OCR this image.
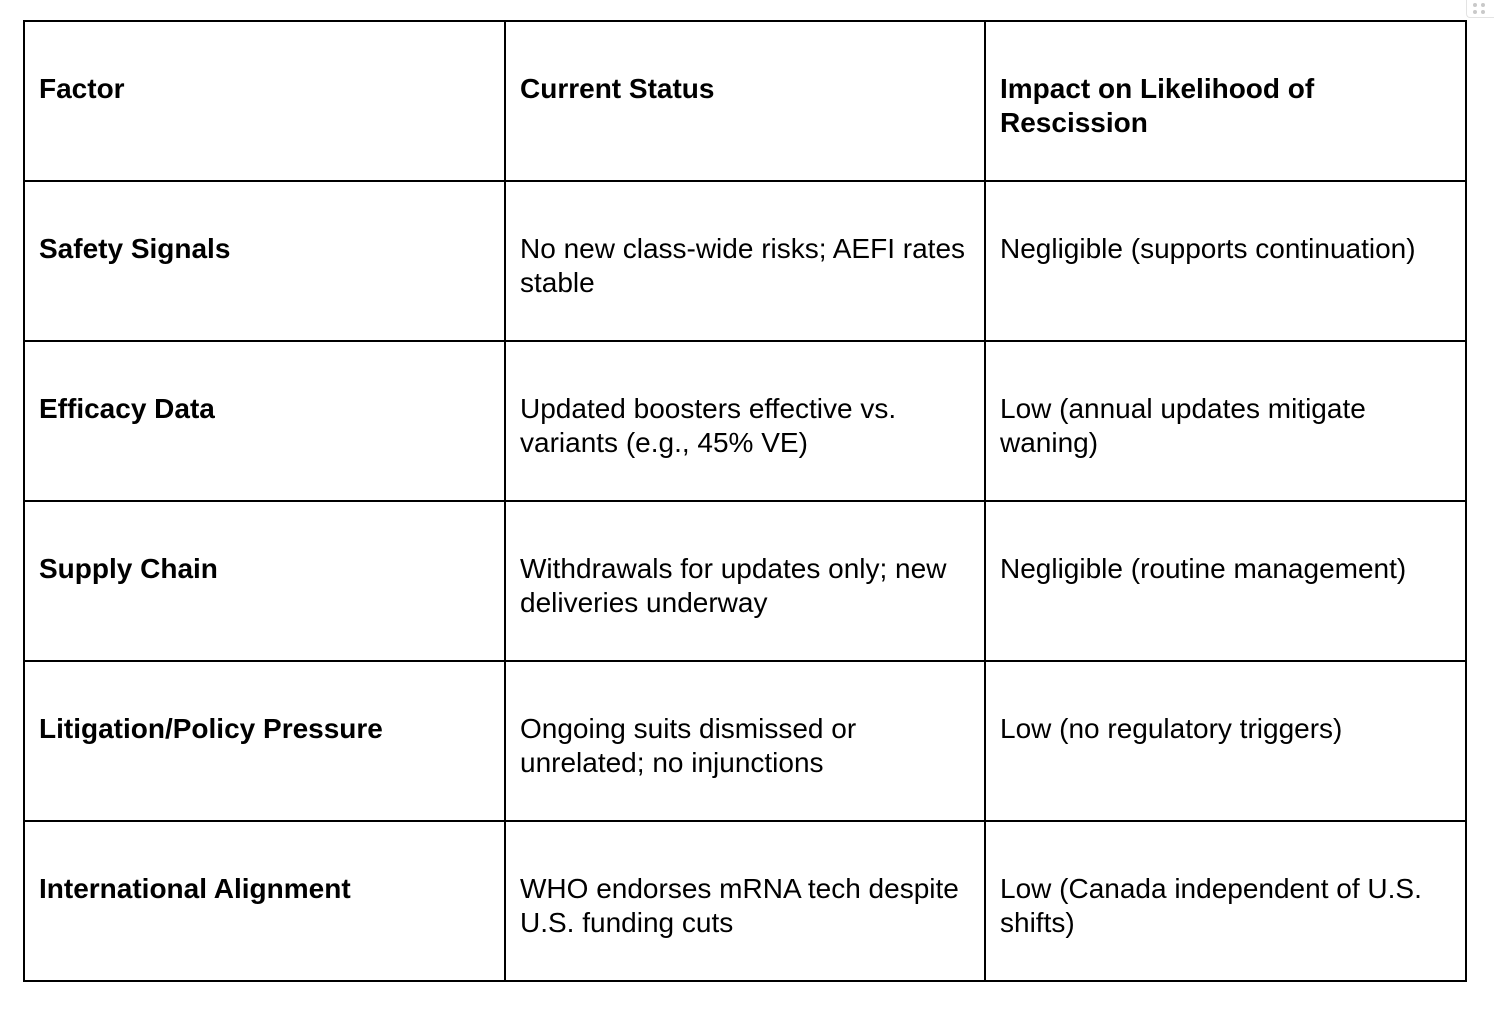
Factor	Current Status	Impact on Likelihood of Rescission
Safety Signals	No new class-wide risks; AEFI rates stable	Negligible (supports continuation)
Efficacy Data	Updated boosters effective vs. variants (e.g., 45% VE)	Low (annual updates mitigate waning)
Supply Chain	Withdrawals for updates only; new deliveries underway	Negligible (routine management)
Litigation/Policy Pressure	Ongoing suits dismissed or unrelated; no injunctions	Low (no regulatory triggers)
International Alignment	WHO endorses mRNA tech despite U.S. funding cuts	Low (Canada independent of U.S. shifts)
